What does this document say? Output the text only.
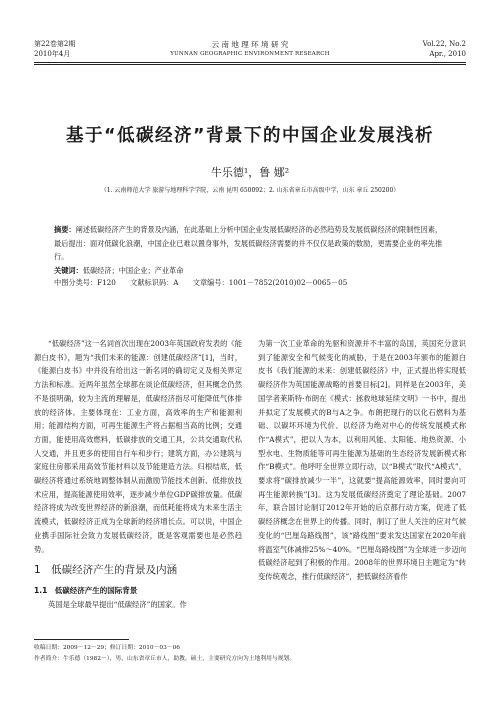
第22卷第2期
2010年4月
云 南 地 理 环 境 研 究
YUNNAN GEOGRAPHIC ENVIRONMENT RESEARCH
Vol.22, No.2
Apr., 2010
基于“低碳经济”背景下的中国企业发展浅析
牛乐德¹，鲁 娜²
（1. 云南师范大学 旅游与地理科学学院，云南 昆明 650092；2. 山东省章丘市高级中学，山东 章丘 250200）
摘要：阐述低碳经济产生的背景及内涵，在此基础上分析中国企业发展低碳经济的必然趋势及发展低碳经济的限制性因素，最后提出：面对低碳化浪潮，中国企业已难以置身事外，发展低碳经济需要的并不仅仅是政策的数励，更需要企业的率先推行。
关键词：低碳经济；中国企业；产业革命
中图分类号：F120 文献标识码：A 文章编号：1001－7852(2010)02－0065－05

“低碳经济”这一名词首次出现在2003年英国政府发表的《能源白皮书》，题为“我们未来的能源：创建低碳经济”[1]，当时，《能源白皮书》中并没有给出这一新名词的确切定义及相关界定方法和标准。近两年虽然全球都在谈论低碳经济，但其概念仍然不是很明确，较为主流的理解是，低碳经济指尽可能降低气体排放的经济体。主要体现在：工业方面，高效率的生产和能源利用；能源结构方面，可再生能源生产将占据相当高的比例；交通方面，能使用高效燃料，低碳排放的交通工具，公共交通取代私人交通，并且更多的使用自行车和步行；建筑方面，办公建筑与家庭住房都采用高效节能材料以及节能建造方法。归根结底，低碳经济将通过系统地调整体制从而激励节能技术创新、低排放技术应用，提高能源使用效率，逐步减少单位GDP碳排放量。低碳经济将成为改变世界经济的新浪潮，而低耗能将成为未来生活主流模式，低碳经济正成为全球新的经济增长点。可以说，中国企业携手国际社会致力发展低碳经济，既是客观需要也是必然趋势。

1　低碳经济产生的背景及内涵
1.1　低碳经济产生的国际背景

英国是全球最早提出“低碳经济”的国家。作

为第一次工业革命的先驱和资源并不丰富的岛国，英国充分意识到了能源安全和气候变化的威胁，于是在2003年颁布的能源白皮书《我们能源的未来：创建低碳经济》中，正式提出将实现低碳经济作为英国能源战略的首要目标[2]。同样是在2003年，美国学者莱斯特·布朗在《模式：拯救地球延续文明》一书中，提出并拟定了发展模式的B与A之争。布朗把现行的以化石燃料为基础、以碳坏环境为代价、以经济为绝对中心的传统发展模式称作“A模式”，把以人为本，以利用风能、太阳能、地热资源、小型水电、生物质能等可再生能源为基础的生态经济发展新模式称作“B模式”。他呼吁全世界立即行动，以“B模式”取代“A模式”，要求将“碳排放减少一半”，这就要“提高能源效率，同时要向可再生能源转换”[3]。这为发展低碳经济奠定了理论基础。2007年，联合国讨论制订2012年开始的后京都行动方案，促进了低碳经济概念在世界上的传播。同时，制订了世人关注的应对气候变化的“巴厘岛路线图”，该“路线图”要求发达国家在2020年前将温室气体减排25%～40%。“巴厘岛路线图”为全球进一步迈向低碳经济起到了积极的作用。2008年的世界环境日主题定为“转变传统观念，推行低碳经济”，把低碳经济看作

收稿日期：2009－12－29；修订日期：2010－03－06
作者简介：牛乐德（1982－），男，山东省章丘市人，助教，硕士，主要研究方向为土地利用与规划。
